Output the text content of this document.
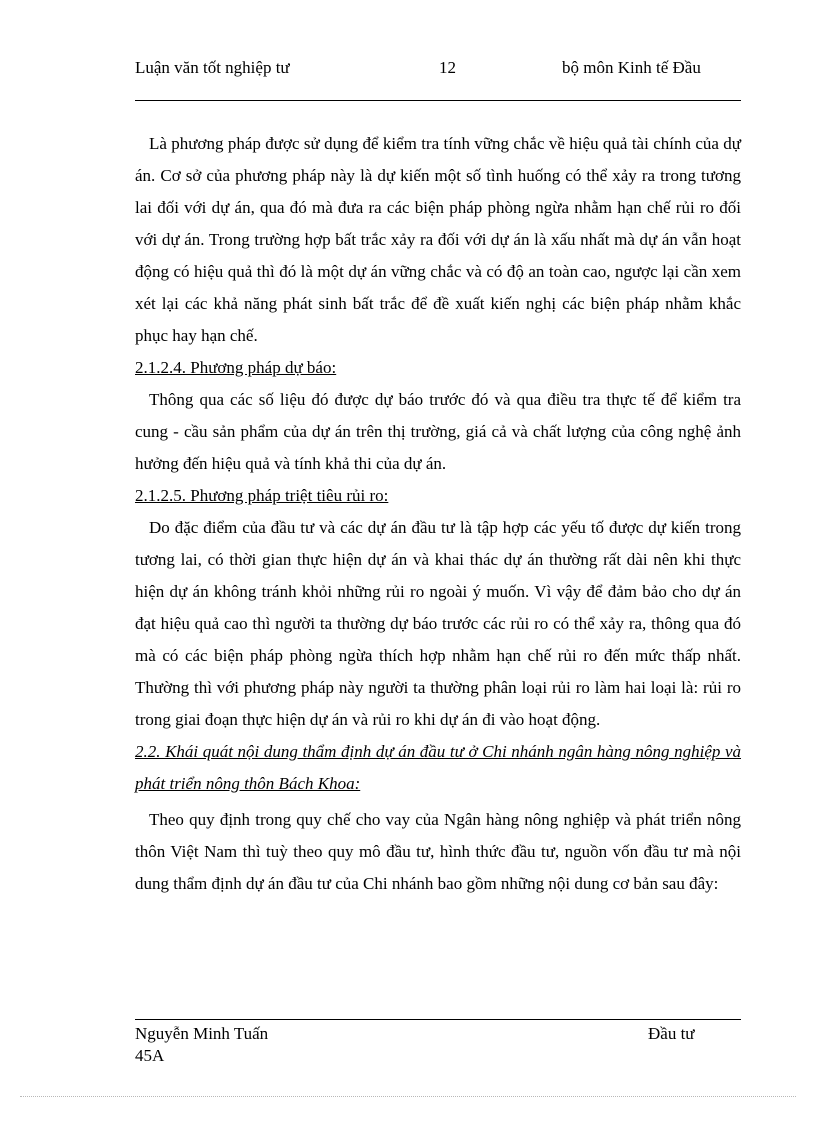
Luận văn tốt nghiệp tư	12	bộ môn Kinh tế Đầu

Là phương pháp được sử dụng để kiểm tra tính vững chắc về hiệu quả tài chính của dự án. Cơ sở của phương pháp này là dự kiến một số tình huống có thể xảy ra trong tương lai đối với dự án, qua đó mà đưa ra các biện pháp phòng ngừa nhằm hạn chế rủi ro đối với dự án. Trong trường hợp bất trắc xảy ra đối với dự án là xấu nhất mà dự án vẫn hoạt động có hiệu quả thì đó là một dự án vững chắc và có độ an toàn cao, ngược lại cần xem xét lại các khả năng phát sinh bất trắc để đề xuất kiến nghị các biện pháp nhằm khắc phục hay hạn chế.

2.1.2.4. Phương pháp dự báo:

Thông qua các số liệu đó được dự báo trước đó và qua điều tra thực tế để kiểm tra cung - cầu sản phẩm của dự án trên thị trường, giá cả và chất lượng của công nghệ ảnh hưởng đến hiệu quả và tính khả thi của dự án.

2.1.2.5. Phương pháp triệt tiêu rủi ro:

Do đặc điểm của đầu tư và các dự án đầu tư là tập hợp các yếu tố được dự kiến trong tương lai, có thời gian thực hiện dự án và khai thác dự án thường rất dài nên khi thực hiện dự án không tránh khỏi những rủi ro ngoài ý muốn. Vì vậy để đảm bảo cho dự án đạt hiệu quả cao thì người ta thường dự báo trước các rủi ro có thể xảy ra, thông qua đó mà có các biện pháp phòng ngừa thích hợp nhằm hạn chế rủi ro đến mức thấp nhất. Thường thì với phương pháp này người ta thường phân loại rủi ro làm hai loại là: rủi ro trong giai đoạn thực hiện dự án và rủi ro khi dự án đi vào hoạt động.

2.2. Khái quát nội dung thẩm định dự án đầu tư ở Chi nhánh ngân hàng nông nghiệp và phát triển nông thôn Bách Khoa:

Theo quy định trong quy chế cho vay của Ngân hàng nông nghiệp và phát triển nông thôn Việt Nam thì tuỳ theo quy mô đầu tư, hình thức đầu tư, nguồn vốn đầu tư mà nội dung thẩm định dự án đầu tư của Chi nhánh bao gồm những nội dung cơ bản sau đây:

Nguyễn Minh Tuấn
45A
Đầu tư
